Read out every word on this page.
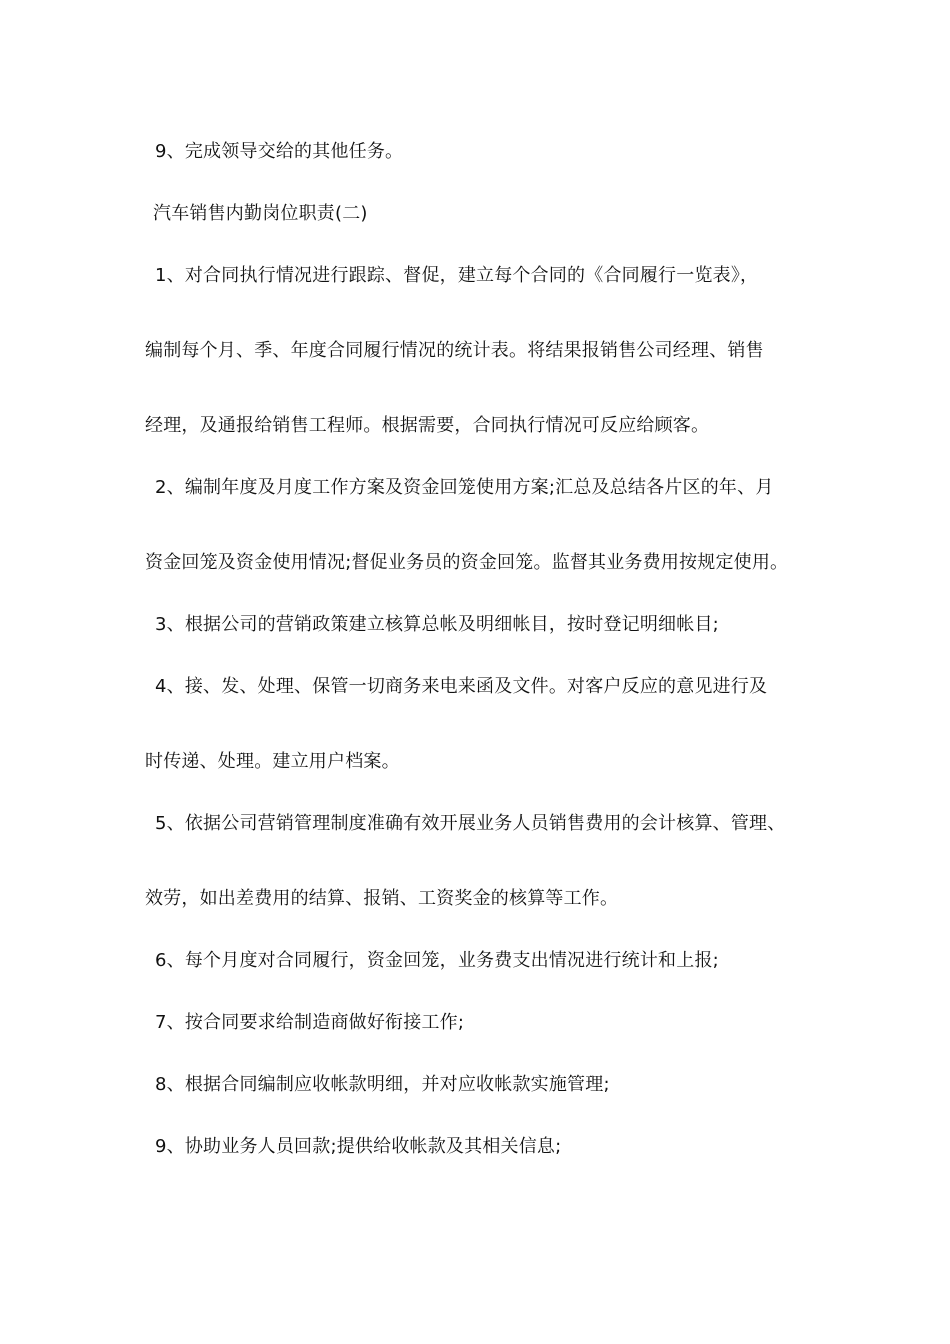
9、完成领导交给的其他任务。
汽车销售内勤岗位职责(二)
1、对合同执行情况进行跟踪、督促，建立每个合同的《合同履行一览表》，
编制每个月、季、年度合同履行情况的统计表。将结果报销售公司经理、销售
经理，及通报给销售工程师。根据需要，合同执行情况可反应给顾客。
2、编制年度及月度工作方案及资金回笼使用方案;汇总及总结各片区的年、月
资金回笼及资金使用情况;督促业务员的资金回笼。监督其业务费用按规定使用。
3、根据公司的营销政策建立核算总帐及明细帐目，按时登记明细帐目;
4、接、发、处理、保管一切商务来电来函及文件。对客户反应的意见进行及
时传递、处理。建立用户档案。
5、依据公司营销管理制度准确有效开展业务人员销售费用的会计核算、管理、
效劳，如出差费用的结算、报销、工资奖金的核算等工作。
6、每个月度对合同履行，资金回笼，业务费支出情况进行统计和上报;
7、按合同要求给制造商做好衔接工作;
8、根据合同编制应收帐款明细，并对应收帐款实施管理;
9、协助业务人员回款;提供给收帐款及其相关信息;
